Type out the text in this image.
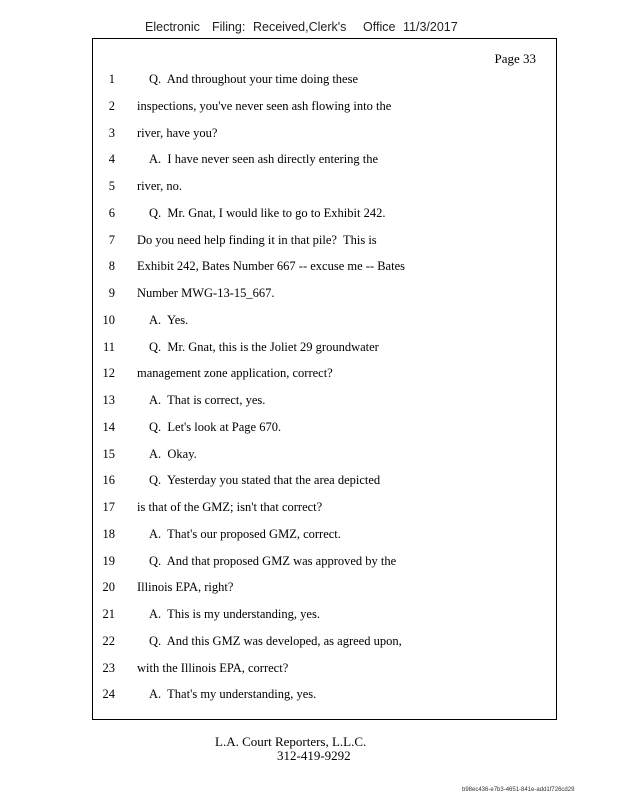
Electronic Filing: Received,Clerk's Office 11/3/2017
Page 33
1	Q.  And throughout your time doing these
2 inspections, you've never seen ash flowing into the
3 river, have you?
4	A.  I have never seen ash directly entering the
5 river, no.
6	Q.  Mr. Gnat, I would like to go to Exhibit 242.
7 Do you need help finding it in that pile?  This is
8 Exhibit 242, Bates Number 667 -- excuse me -- Bates
9 Number MWG-13-15_667.
10	A.  Yes.
11	Q.  Mr. Gnat, this is the Joliet 29 groundwater
12 management zone application, correct?
13	A.  That is correct, yes.
14	Q.  Let's look at Page 670.
15	A.  Okay.
16	Q.  Yesterday you stated that the area depicted
17 is that of the GMZ; isn't that correct?
18	A.  That's our proposed GMZ, correct.
19	Q.  And that proposed GMZ was approved by the
20 Illinois EPA, right?
21	A.  This is my understanding, yes.
22	Q.  And this GMZ was developed, as agreed upon,
23 with the Illinois EPA, correct?
24	A.  That's my understanding, yes.
L.A. Court Reporters, L.L.C.
312-419-9292
b98ec436-e7b3-4651-841e-add1f726cd29
